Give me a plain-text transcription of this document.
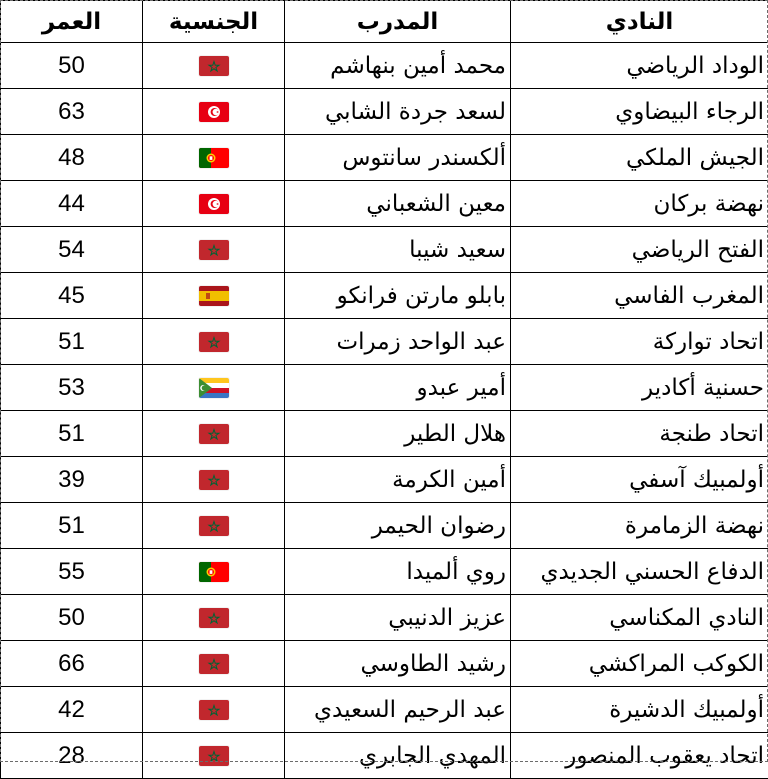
النادي	المدرب	الجنسية	العمر
الوداد الرياضي	محمد أمين بنهاشم		50
الرجاء البيضاوي	لسعد جردة الشابي		63
الجيش الملكي	ألكسندر سانتوس		48
نهضة بركان	معين الشعباني		44
الفتح الرياضي	سعيد شيبا		54
المغرب الفاسي	بابلو مارتن فرانكو		45
اتحاد تواركة	عبد الواحد زمرات		51
حسنية أكادير	أمير عبدو		53
اتحاد طنجة	هلال الطير		51
أولمبيك آسفي	أمين الكرمة		39
نهضة الزمامرة	رضوان الحيمر		51
الدفاع الحسني الجديدي	روي ألميدا		55
النادي المكناسي	عزيز الدنيبي		50
الكوكب المراكشي	رشيد الطاوسي		66
أولمبيك الدشيرة	عبد الرحيم السعيدي		42
اتحاد يعقوب المنصور	المهدي الجابري		28
